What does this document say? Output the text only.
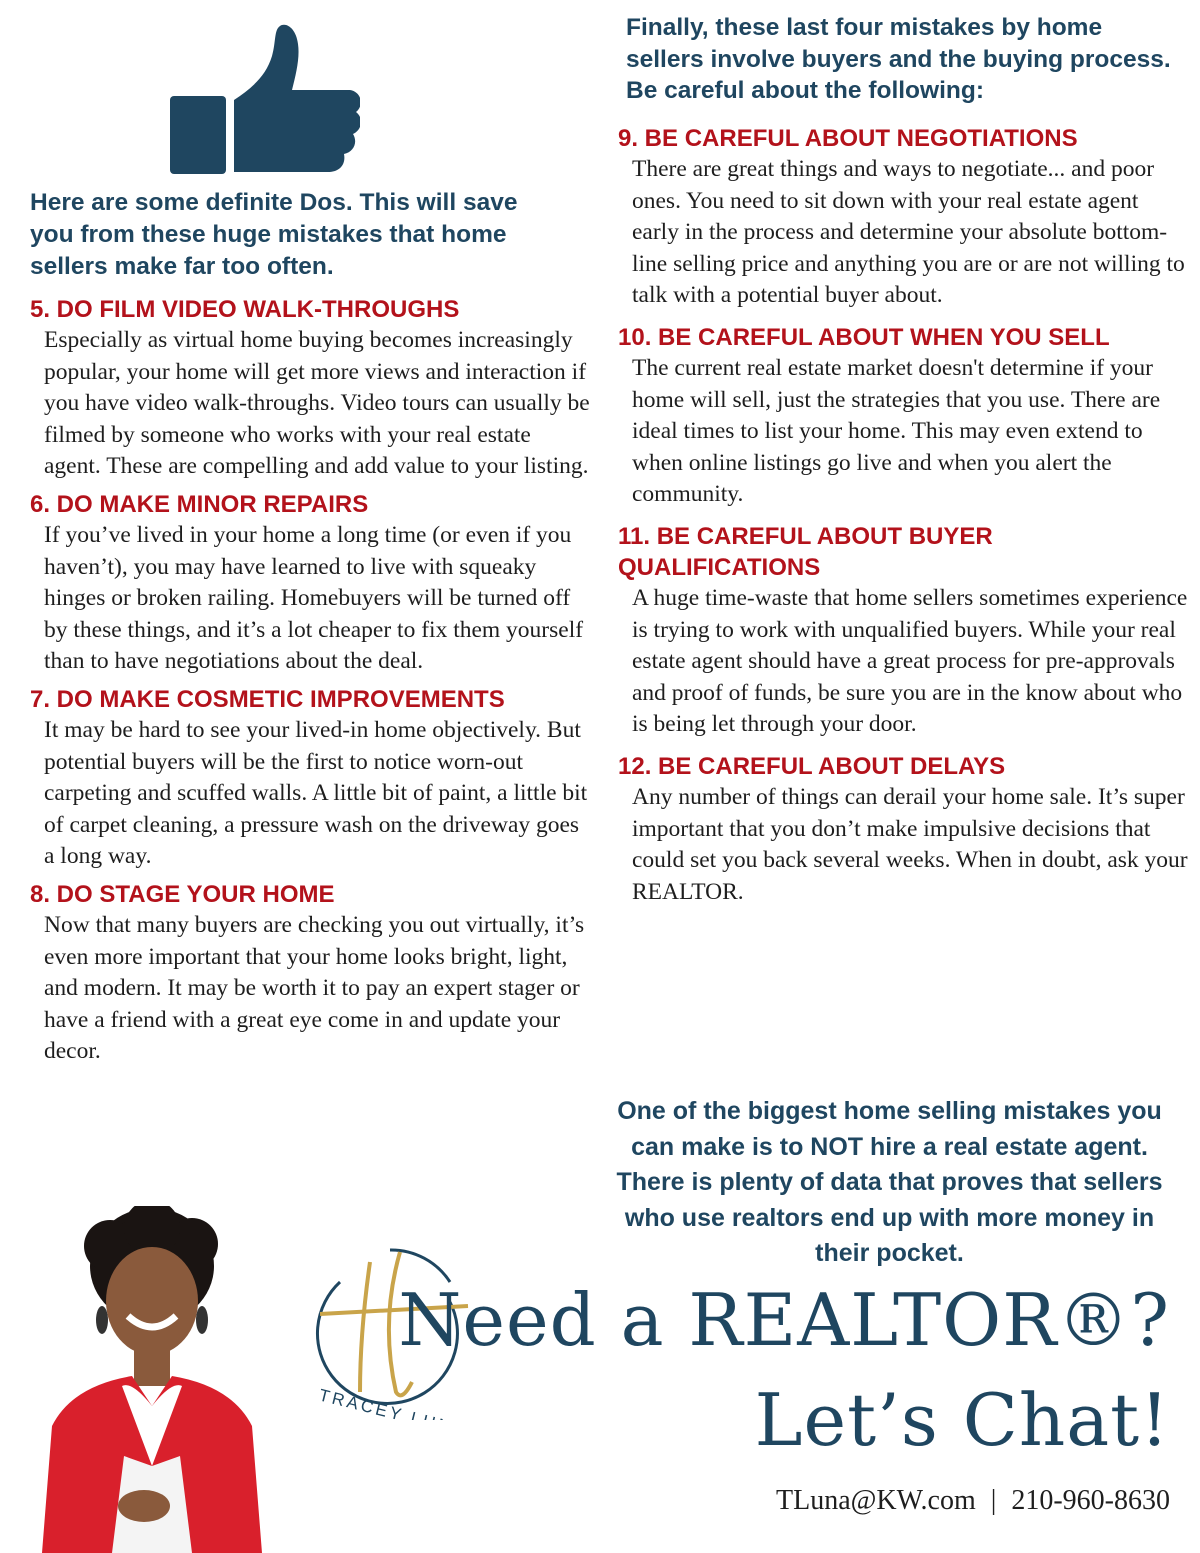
Here are some definite Dos. This will save you from these huge mistakes that home sellers make far too often.

5. DO FILM VIDEO WALK-THROUGHS

Especially as virtual home buying becomes increasingly popular, your home will get more views and interaction if you have video walk-throughs. Video tours can usually be filmed by someone who works with your real estate agent. These are compelling and add value to your listing.

6. DO MAKE MINOR REPAIRS

If you’ve lived in your home a long time (or even if you haven’t), you may have learned to live with squeaky hinges or broken railing. Homebuyers will be turned off by these things, and it’s a lot cheaper to fix them yourself than to have negotiations about the deal.

7. DO MAKE COSMETIC IMPROVEMENTS

It may be hard to see your lived-in home objectively. But potential buyers will be the first to notice worn-out carpeting and scuffed walls. A little bit of paint, a little bit of carpet cleaning, a pressure wash on the driveway goes a long way.

8. DO STAGE YOUR HOME

Now that many buyers are checking you out virtually, it’s even more important that your home looks bright, light, and modern. It may be worth it to pay an expert stager or have a friend with a great eye come in and update your decor.

Finally, these last four mistakes by home sellers involve buyers and the buying process. Be careful about the following:

9. BE CAREFUL ABOUT NEGOTIATIONS

There are great things and ways to negotiate... and poor ones. You need to sit down with your real estate agent early in the process and determine your absolute bottom-line selling price and anything you are or are not willing to talk with a potential buyer about.

10. BE CAREFUL ABOUT WHEN YOU SELL

The current real estate market doesn't determine if your home will sell, just the strategies that you use. There are ideal times to list your home. This may even extend to when online listings go live and when you alert the community.

11. BE CAREFUL ABOUT BUYER QUALIFICATIONS

A huge time-waste that home sellers sometimes experience is trying to work with unqualified buyers. While your real estate agent should have a great process for pre-approvals and proof of funds, be sure you are in the know about who is being let through your door.

12. BE CAREFUL ABOUT DELAYS

Any number of things can derail your home sale. It’s super important that you don’t make impulsive decisions that could set you back several weeks. When in doubt, ask your REALTOR.

One of the biggest home selling mistakes you can make is to NOT hire a real estate agent. There is plenty of data that proves that sellers who use realtors end up with more money in their pocket.

TRACEY LUNA

Need a REALTOR®?

Let’s Chat!

TLuna@KW.com | 210-960-8630
